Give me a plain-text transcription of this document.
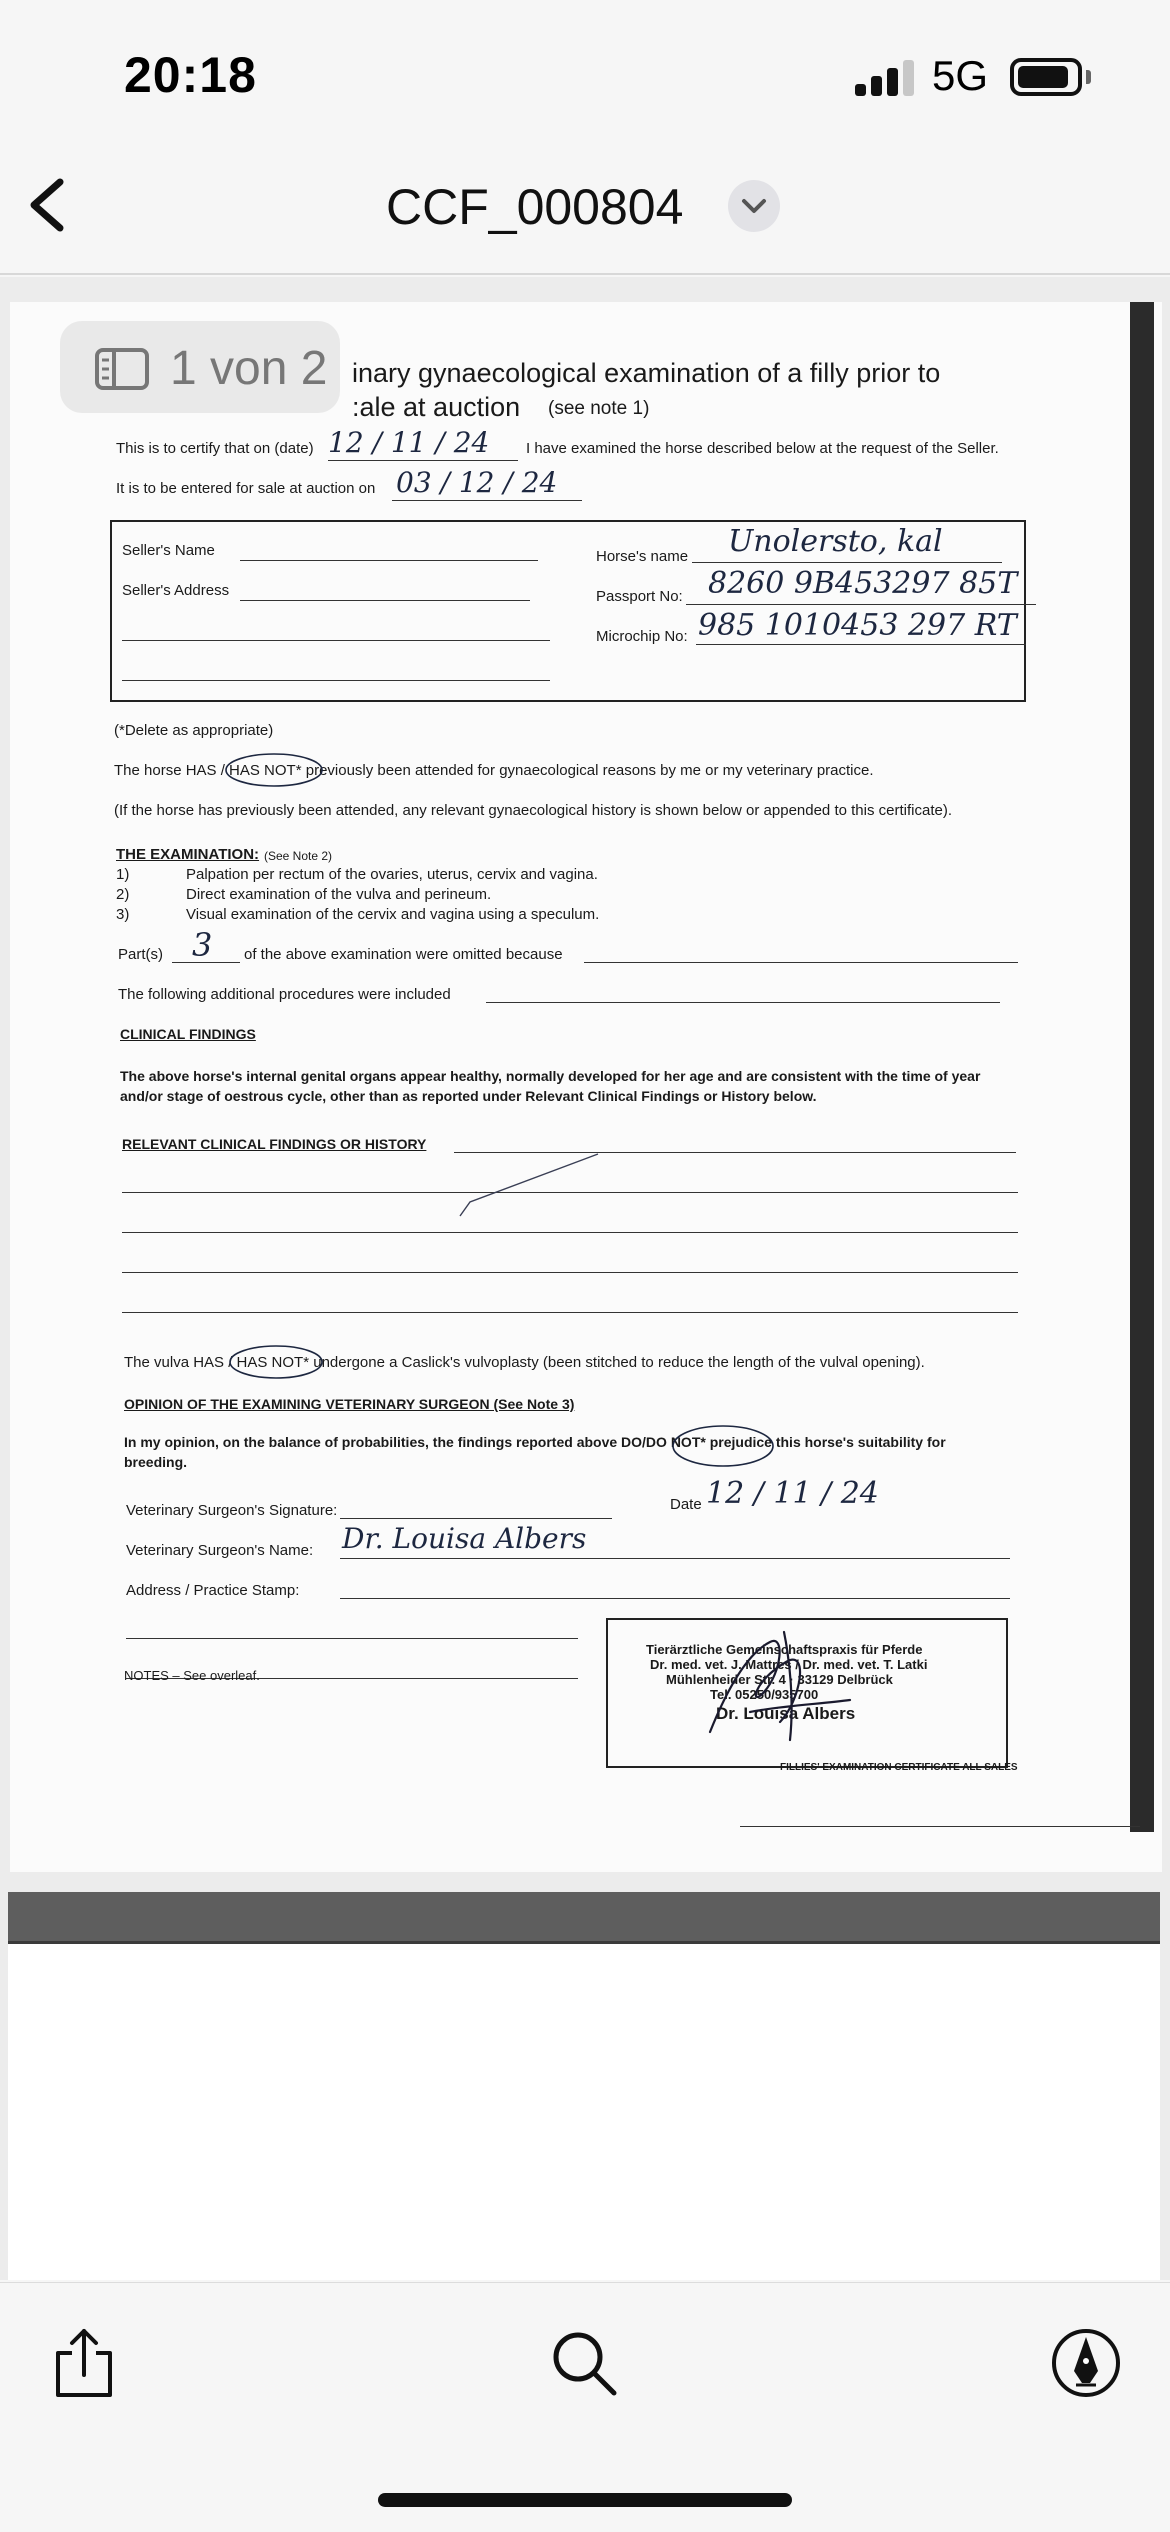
20:18	5G
CCF_000804
inary gynaecological examination of a filly prior to
:ale at auction (see note 1)
This is to certify that on (date) 12 / 11 / 24 I have examined the horse described below at the request of the Seller.
It is to be entered for sale at auction on 03 / 12 / 24
Seller's Name
Seller's Address
Horse's name Unolersto, kal
Passport No: 8260 9B453297 85T
Microchip No: 985 1010453 297 RT
(*Delete as appropriate)
The horse HAS / HAS NOT* previously been attended for gynaecological reasons by me or my veterinary practice.
(If the horse has previously been attended, any relevant gynaecological history is shown below or appended to this certificate).
THE EXAMINATION: (See Note 2)
1)	Palpation per rectum of the ovaries, uterus, cervix and vagina.
2)	Direct examination of the vulva and perineum.
3)	Visual examination of the cervix and vagina using a speculum.
Part(s) 3 of the above examination were omitted because
The following additional procedures were included
CLINICAL FINDINGS
The above horse's internal genital organs appear healthy, normally developed for her age and are consistent with the time of year
and/or stage of oestrous cycle, other than as reported under Relevant Clinical Findings or History below.
RELEVANT CLINICAL FINDINGS OR HISTORY
The vulva HAS / HAS NOT* undergone a Caslick's vulvoplasty (been stitched to reduce the length of the vulval opening).
OPINION OF THE EXAMINING VETERINARY SURGEON (See Note 3)
In my opinion, on the balance of probabilities, the findings reported above DO/DO NOT* prejudice this horse's suitability for
breeding.
Veterinary Surgeon's Signature:	Date 12 / 11 / 24
Veterinary Surgeon's Name: Dr. Louisa Albers
Address / Practice Stamp:
Tierärztliche Gemeinschaftspraxis für Pferde
Dr. med. vet. J. Mattres / Dr. med. vet. T. Latki
Mühlenheider Str. 4 · 33129 Delbrück
Tel. 05250/935700
Dr. Louisa Albers
NOTES – See overleaf.
FILLIES' EXAMINATION CERTIFICATE ALL SALES
1 von 2
